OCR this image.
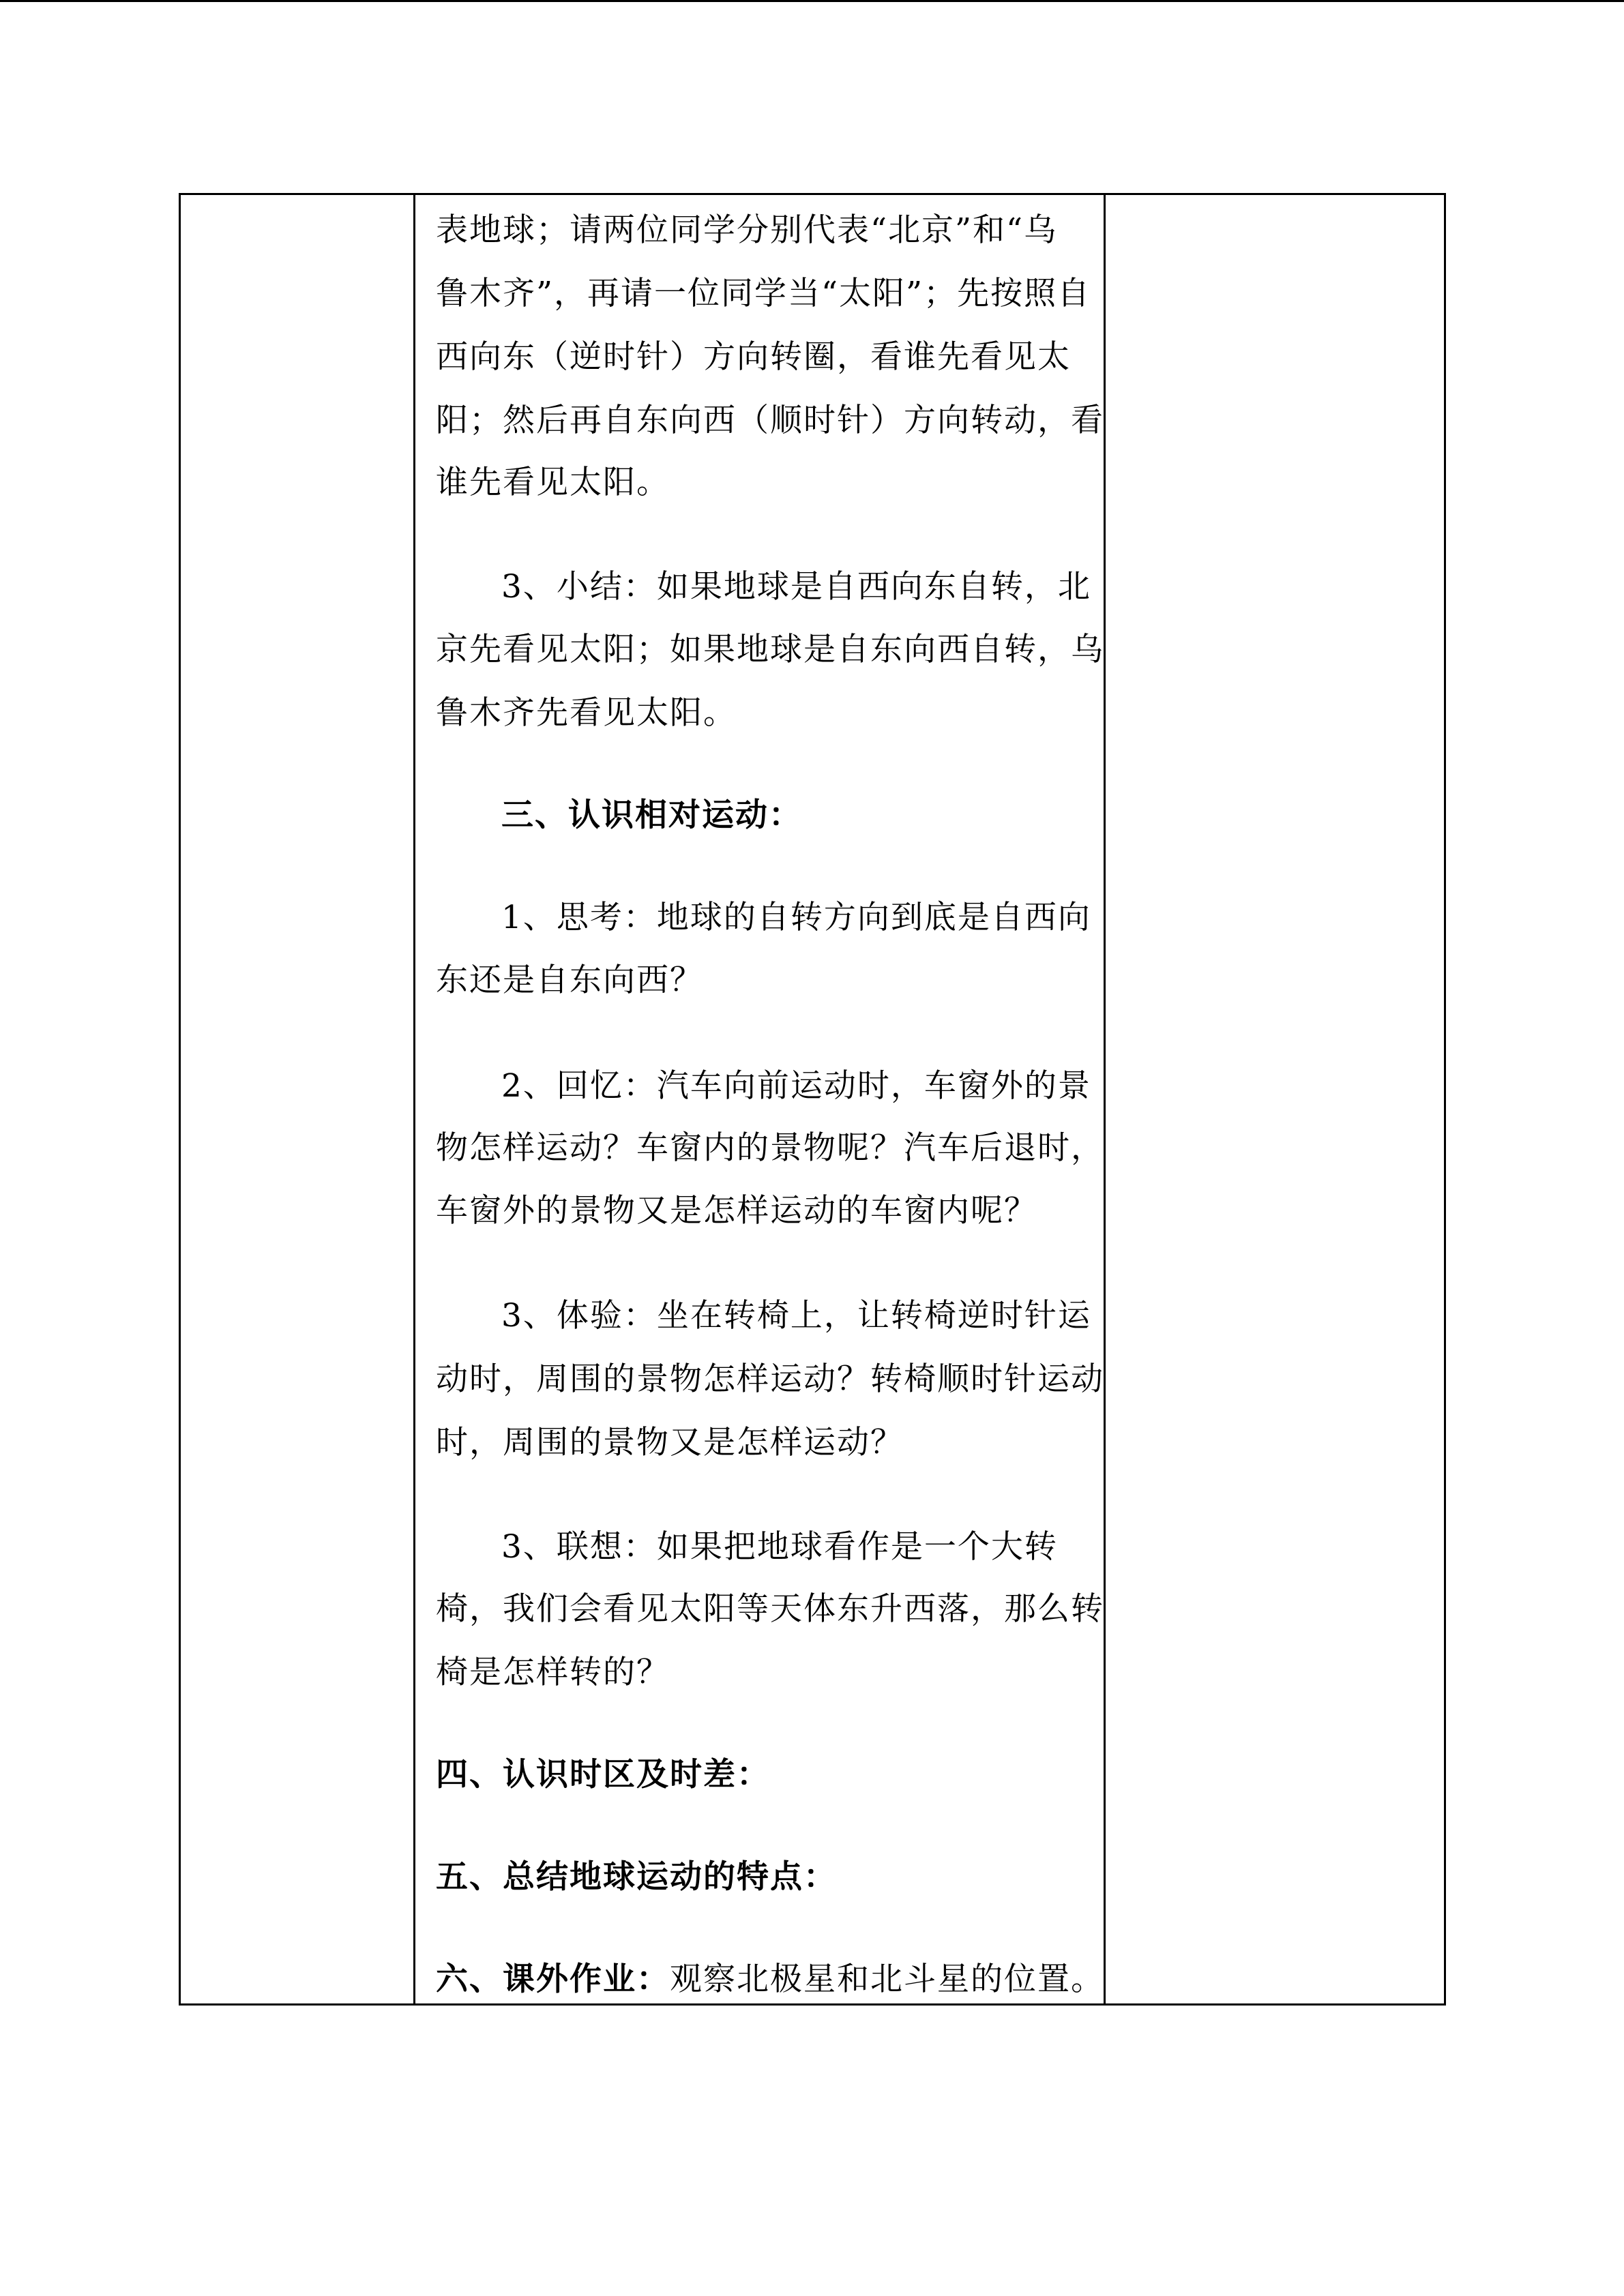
表地球；请两位同学分别代表“北京”和“乌
鲁木齐”，再请一位同学当“太阳”；先按照自
西向东（逆时针）方向转圈，看谁先看见太
阳；然后再自东向西（顺时针）方向转动，看
谁先看见太阳。
3、小结：如果地球是自西向东自转，北
京先看见太阳；如果地球是自东向西自转，乌
鲁木齐先看见太阳。
三、认识相对运动：
1、思考：地球的自转方向到底是自西向
东还是自东向西？
2、回忆：汽车向前运动时，车窗外的景
物怎样运动？车窗内的景物呢？汽车后退时，
车窗外的景物又是怎样运动的车窗内呢？
3、体验：坐在转椅上，让转椅逆时针运
动时，周围的景物怎样运动？转椅顺时针运动
时，周围的景物又是怎样运动？
3、联想：如果把地球看作是一个大转
椅，我们会看见太阳等天体东升西落，那么转
椅是怎样转的？
四、认识时区及时差：
五、总结地球运动的特点：
六、课外作业：观察北极星和北斗星的位置。
